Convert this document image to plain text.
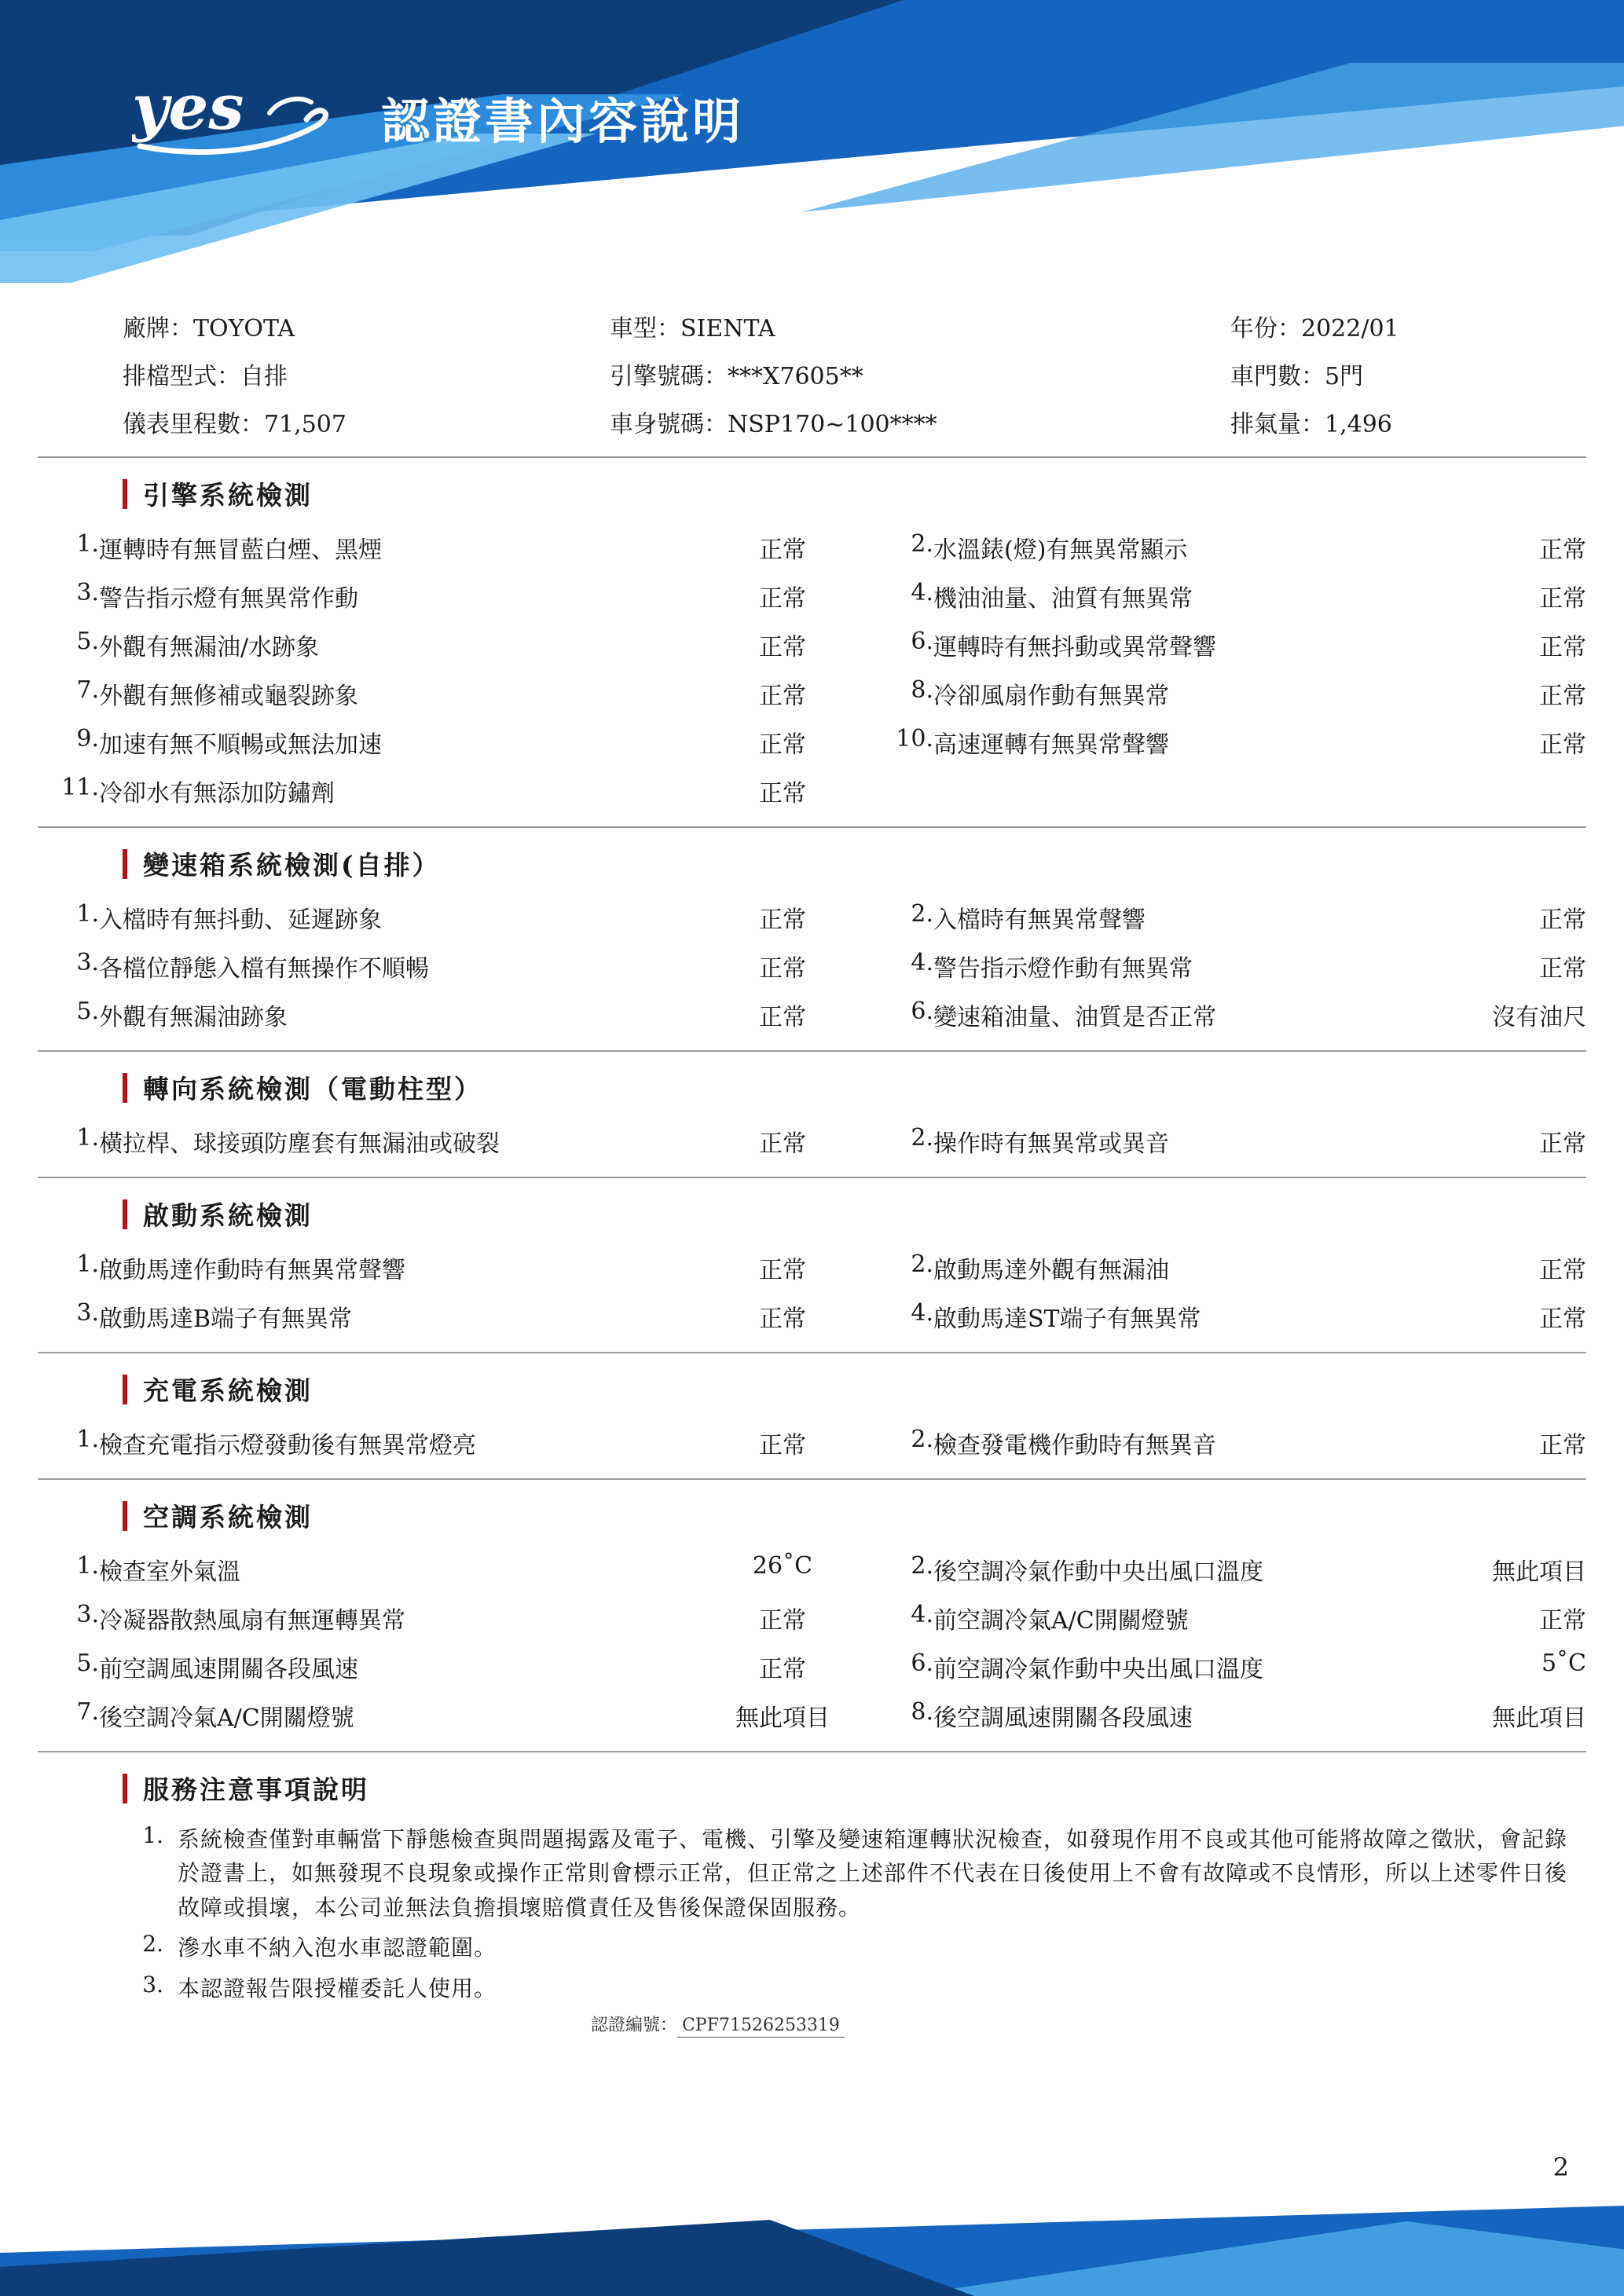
yes	認證書內容說明
廠牌：TOYOTA	車型：SIENTA	年份：2022/01
排檔型式：自排	引擎號碼：***X7605**	車門數：5門
儀表里程數：71,507	車身號碼：NSP170~100****	排氣量：1,496
引擎系統檢測
1.	運轉時有無冒藍白煙、黑煙	正常	2.	水溫錶(燈)有無異常顯示	正常
3.	警告指示燈有無異常作動	正常	4.	機油油量、油質有無異常	正常
5.	外觀有無漏油/水跡象	正常	6.	運轉時有無抖動或異常聲響	正常
7.	外觀有無修補或龜裂跡象	正常	8.	冷卻風扇作動有無異常	正常
9.	加速有無不順暢或無法加速	正常	10.	高速運轉有無異常聲響	正常
11.	冷卻水有無添加防鏽劑	正常			
變速箱系統檢測(自排）
1.	入檔時有無抖動、延遲跡象	正常	2.	入檔時有無異常聲響	正常
3.	各檔位靜態入檔有無操作不順暢	正常	4.	警告指示燈作動有無異常	正常
5.	外觀有無漏油跡象	正常	6.	變速箱油量、油質是否正常	沒有油尺
轉向系統檢測（電動柱型）
1.	橫拉桿、球接頭防塵套有無漏油或破裂	正常	2.	操作時有無異常或異音	正常
啟動系統檢測
1.	啟動馬達作動時有無異常聲響	正常	2.	啟動馬達外觀有無漏油	正常
3.	啟動馬達B端子有無異常	正常	4.	啟動馬達ST端子有無異常	正常
充電系統檢測
1.	檢查充電指示燈發動後有無異常燈亮	正常	2.	檢查發電機作動時有無異音	正常
空調系統檢測
1.	檢查室外氣溫	26˚C	2.	後空調冷氣作動中央出風口溫度	無此項目
3.	冷凝器散熱風扇有無運轉異常	正常	4.	前空調冷氣A/C開關燈號	正常
5.	前空調風速開關各段風速	正常	6.	前空調冷氣作動中央出風口溫度	5˚C
7.	後空調冷氣A/C開關燈號	無此項目	8.	後空調風速開關各段風速	無此項目
服務注意事項說明
1. 系統檢查僅對車輛當下靜態檢查與問題揭露及電子、電機、引擎及變速箱運轉狀況檢查，如發現作用不良或其他可能將故障之徵狀，會記錄於證書上，如無發現不良現象或操作正常則會標示正常，但正常之上述部件不代表在日後使用上不會有故障或不良情形，所以上述零件日後故障或損壞，本公司並無法負擔損壞賠償責任及售後保證保固服務。
2. 滲水車不納入泡水車認證範圍。
3. 本認證報告限授權委託人使用。
認證編號： CPF71526253319
2
